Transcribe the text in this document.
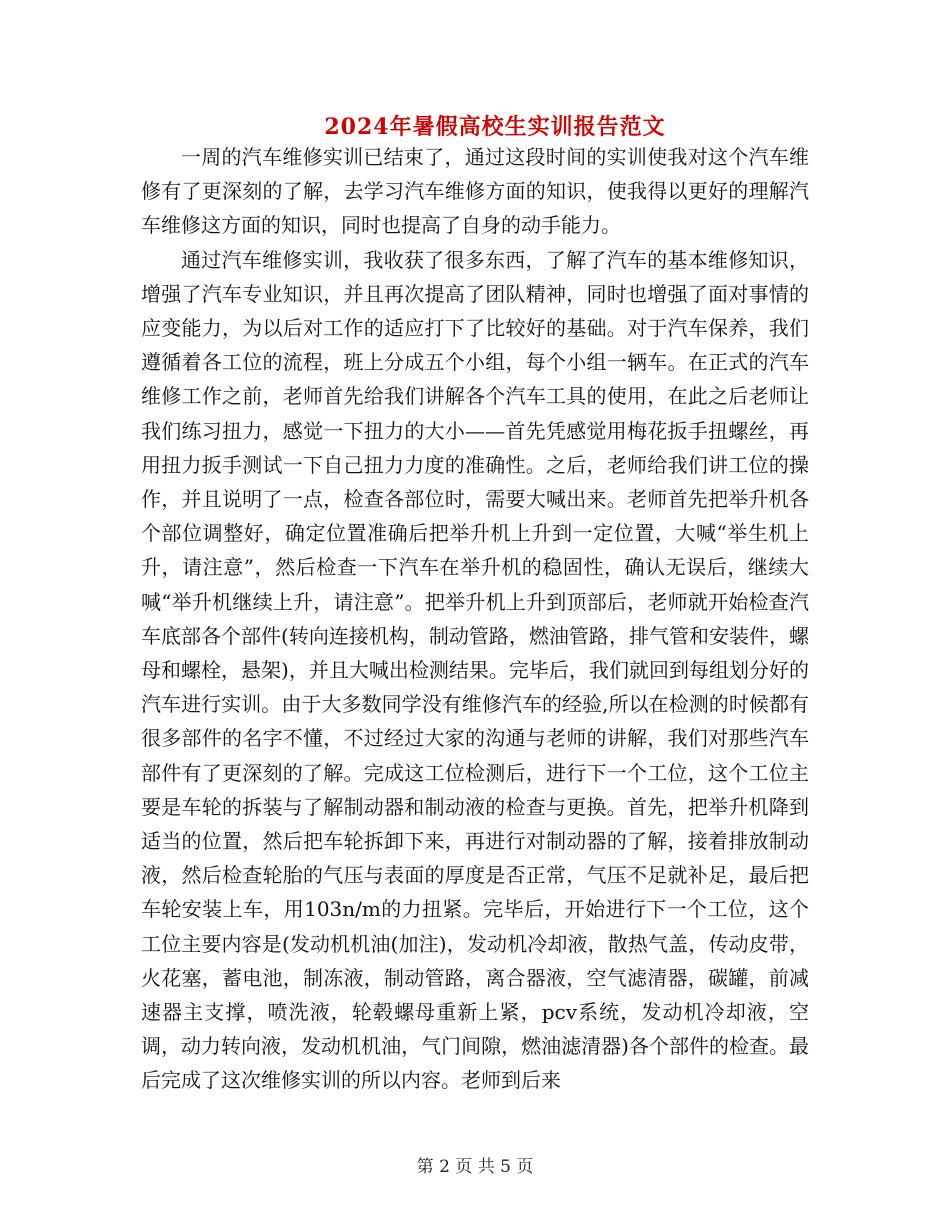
2024年暑假高校生实训报告范文

一周的汽车维修实训已结束了，通过这段时间的实训使我对这个汽车维修有了更深刻的了解，去学习汽车维修方面的知识，使我得以更好的理解汽车维修这方面的知识，同时也提高了自身的动手能力。

通过汽车维修实训，我收获了很多东西，了解了汽车的基本维修知识，增强了汽车专业知识，并且再次提高了团队精神，同时也增强了面对事情的应变能力，为以后对工作的适应打下了比较好的基础。对于汽车保养，我们遵循着各工位的流程，班上分成五个小组，每个小组一辆车。在正式的汽车维修工作之前，老师首先给我们讲解各个汽车工具的使用，在此之后老师让我们练习扭力，感觉一下扭力的大小——首先凭感觉用梅花扳手扭螺丝，再用扭力扳手测试一下自己扭力力度的准确性。之后，老师给我们讲工位的操作，并且说明了一点，检查各部位时，需要大喊出来。老师首先把举升机各个部位调整好，确定位置准确后把举升机上升到一定位置，大喊“举生机上升，请注意”，然后检查一下汽车在举升机的稳固性，确认无误后，继续大喊“举升机继续上升，请注意”。把举升机上升到顶部后，老师就开始检查汽车底部各个部件(转向连接机构，制动管路，燃油管路，排气管和安装件，螺母和螺栓，悬架)，并且大喊出检测结果。完毕后，我们就回到每组划分好的汽车进行实训。由于大多数同学没有维修汽车的经验,所以在检测的时候都有很多部件的名字不懂，不过经过大家的沟通与老师的讲解，我们对那些汽车部件有了更深刻的了解。完成这工位检测后，进行下一个工位，这个工位主要是车轮的拆装与了解制动器和制动液的检查与更换。首先，把举升机降到适当的位置，然后把车轮拆卸下来，再进行对制动器的了解，接着排放制动液，然后检查轮胎的气压与表面的厚度是否正常，气压不足就补足，最后把车轮安装上车，用103n/m的力扭紧。完毕后，开始进行下一个工位，这个工位主要内容是(发动机机油(加注)，发动机冷却液，散热气盖，传动皮带，火花塞，蓄电池，制冻液，制动管路，离合器液，空气滤清器，碳罐，前减速器主支撑，喷洗液，轮毂螺母重新上紧，pcv系统，发动机冷却液，空调，动力转向液，发动机机油，气门间隙，燃油滤清器)各个部件的检查。最后完成了这次维修实训的所以内容。老师到后来

第 2 页 共 5 页
